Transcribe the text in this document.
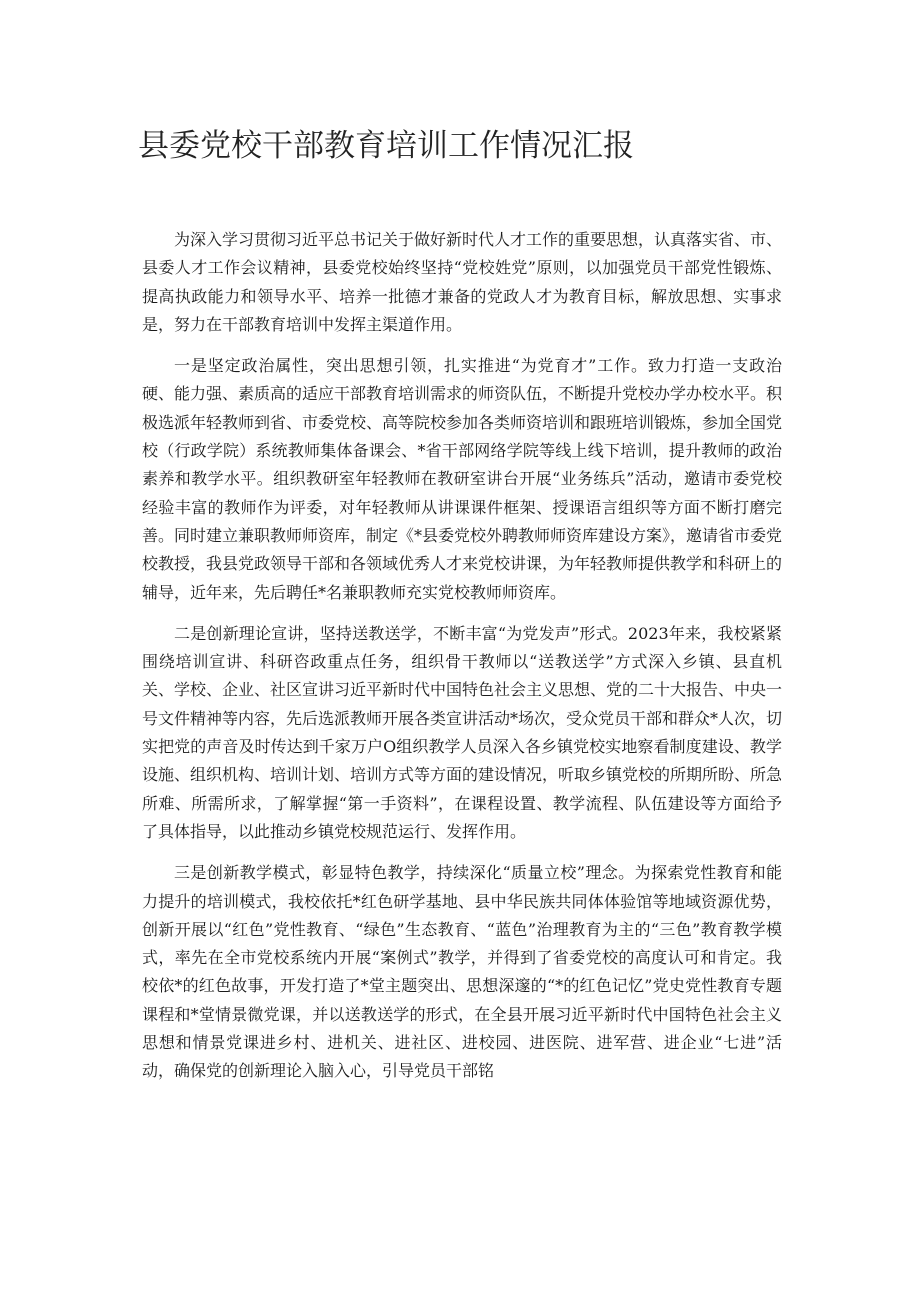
县委党校干部教育培训工作情况汇报

为深入学习贯彻习近平总书记关于做好新时代人才工作的重要思想，认真落实省、市、县委人才工作会议精神，县委党校始终坚持“党校姓党”原则，以加强党员干部党性锻炼、提高执政能力和领导水平、培养一批德才兼备的党政人才为教育目标，解放思想、实事求是，努力在干部教育培训中发挥主渠道作用。

一是坚定政治属性，突出思想引领，扎实推进“为党育才”工作。致力打造一支政治硬、能力强、素质高的适应干部教育培训需求的师资队伍，不断提升党校办学办校水平。积极选派年轻教师到省、市委党校、高等院校参加各类师资培训和跟班培训锻炼，参加全国党校（行政学院）系统教师集体备课会、*省干部网络学院等线上线下培训，提升教师的政治素养和教学水平。组织教研室年轻教师在教研室讲台开展“业务练兵”活动，邀请市委党校经验丰富的教师作为评委，对年轻教师从讲课课件框架、授课语言组织等方面不断打磨完善。同时建立兼职教师师资库，制定《*县委党校外聘教师师资库建设方案》，邀请省市委党校教授，我县党政领导干部和各领域优秀人才来党校讲课，为年轻教师提供教学和科研上的辅导，近年来，先后聘任*名兼职教师充实党校教师师资库。

二是创新理论宣讲，坚持送教送学，不断丰富“为党发声”形式。2023年来，我校紧紧围绕培训宣讲、科研咨政重点任务，组织骨干教师以“送教送学”方式深入乡镇、县直机关、学校、企业、社区宣讲习近平新时代中国特色社会主义思想、党的二十大报告、中央一号文件精神等内容，先后选派教师开展各类宣讲活动*场次，受众党员干部和群众*人次，切实把党的声音及时传达到千家万户O组织教学人员深入各乡镇党校实地察看制度建设、教学设施、组织机构、培训计划、培训方式等方面的建设情况，听取乡镇党校的所期所盼、所急所难、所需所求，了解掌握“第一手资料”，在课程设置、教学流程、队伍建设等方面给予了具体指导，以此推动乡镇党校规范运行、发挥作用。

三是创新教学模式，彰显特色教学，持续深化“质量立校”理念。为探索党性教育和能力提升的培训模式，我校依托*红色研学基地、县中华民族共同体体验馆等地域资源优势，创新开展以“红色”党性教育、“绿色”生态教育、“蓝色”治理教育为主的“三色”教育教学模式，率先在全市党校系统内开展“案例式”教学，并得到了省委党校的高度认可和肯定。我校依*的红色故事，开发打造了*堂主题突出、思想深邃的“*的红色记忆”党史党性教育专题课程和*堂情景微党课，并以送教送学的形式，在全县开展习近平新时代中国特色社会主义思想和情景党课进乡村、进机关、进社区、进校园、进医院、进军营、进企业“七进”活动，确保党的创新理论入脑入心，引导党员干部铭
